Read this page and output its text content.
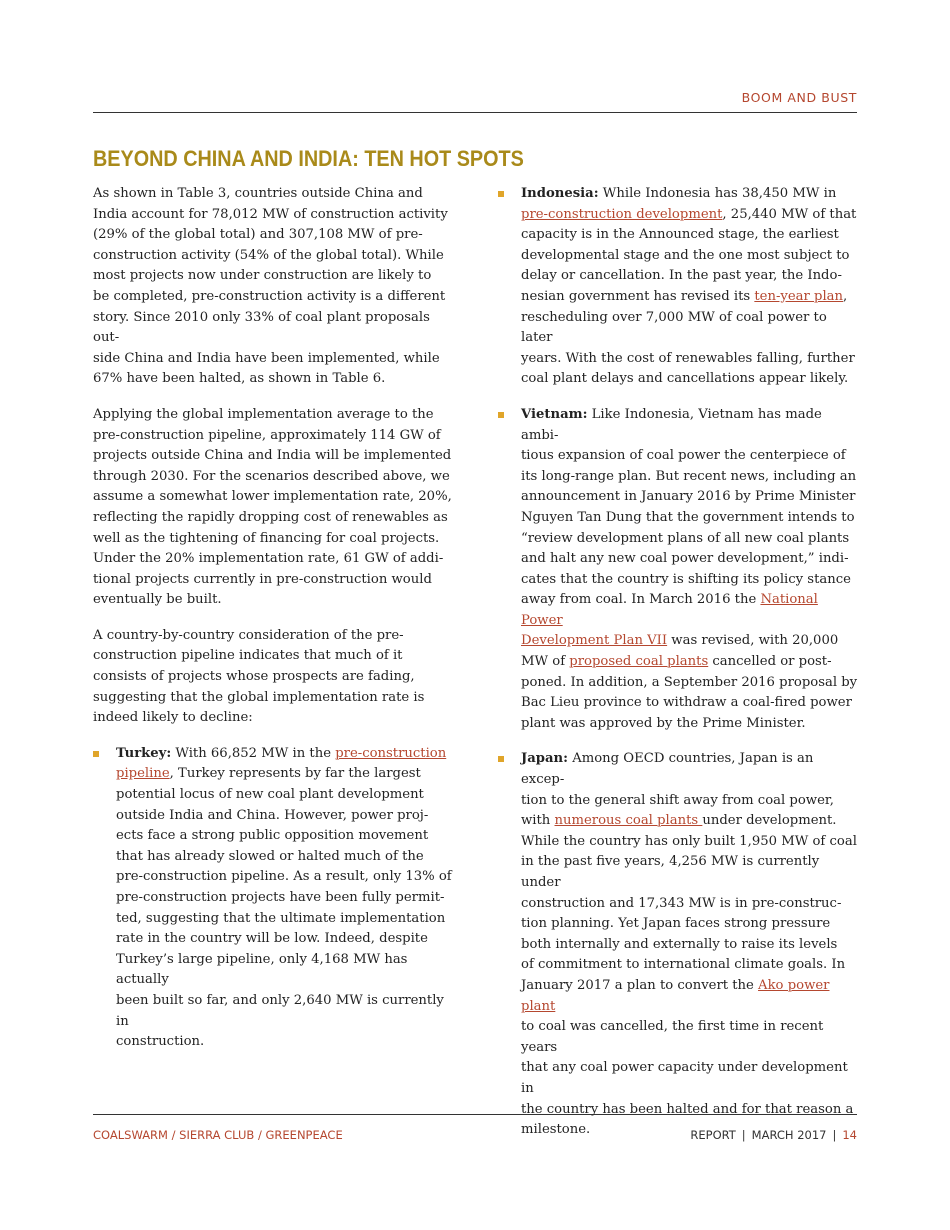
BOOM AND BUST
BEYOND CHINA AND INDIA: TEN HOT SPOTS

As shown in Table 3, countries outside China and
India account for 78,012 MW of construction activity
(29% of the global total) and 307,108 MW of pre-
construction activity (54% of the global total). While
most projects now under construction are likely to
be completed, pre-construction activity is a different
story. Since 2010 only 33% of coal plant proposals out-
side China and India have been implemented, while
67% have been halted, as shown in Table 6.

Applying the global implementation average to the
pre-construction pipeline, approximately 114 GW of
projects outside China and India will be implemented
through 2030. For the scenarios described above, we
assume a somewhat lower implementation rate, 20%,
reflecting the rapidly dropping cost of renewables as
well as the tightening of financing for coal projects.
Under the 20% implementation rate, 61 GW of addi-
tional projects currently in pre-construction would
eventually be built.

A country-by-country consideration of the pre-
construction pipeline indicates that much of it
consists of projects whose prospects are fading,
suggesting that the global implementation rate is
indeed likely to decline:

Turkey: With 66,852 MW in the pre-construction
pipeline, Turkey represents by far the largest
potential locus of new coal plant development
outside India and China. However, power proj-
ects face a strong public opposition movement
that has already slowed or halted much of the
pre-construction pipeline. As a result, only 13% of
pre-construction projects have been fully permit-
ted, suggesting that the ultimate implementation
rate in the country will be low. Indeed, despite
Turkey’s large pipeline, only 4,168 MW has actually
been built so far, and only 2,640 MW is currently in
construction.
Indonesia: While Indonesia has 38,450 MW in
pre-construction development, 25,440 MW of that
capacity is in the Announced stage, the earliest
developmental stage and the one most subject to
delay or cancellation. In the past year, the Indo-
nesian government has revised its ten-year plan,
rescheduling over 7,000 MW of coal power to later
years. With the cost of renewables falling, further
coal plant delays and cancellations appear likely.
Vietnam: Like Indonesia, Vietnam has made ambi-
tious expansion of coal power the centerpiece of
its long-range plan. But recent news, including an
announcement in January 2016 by Prime Minister
Nguyen Tan Dung that the government intends to
“review development plans of all new coal plants
and halt any new coal power development,” indi-
cates that the country is shifting its policy stance
away from coal. In March 2016 the National Power
Development Plan VII was revised, with 20,000
MW of proposed coal plants cancelled or post-
poned. In addition, a September 2016 proposal by
Bac Lieu province to withdraw a coal-fired power
plant was approved by the Prime Minister.
Japan: Among OECD countries, Japan is an excep-
tion to the general shift away from coal power,
with numerous coal plants under development.
While the country has only built 1,950 MW of coal
in the past five years, 4,256 MW is currently under
construction and 17,343 MW is in pre-construc-
tion planning. Yet Japan faces strong pressure
both internally and externally to raise its levels
of commitment to international climate goals. In
January 2017 a plan to convert the Ako power plant
to coal was cancelled, the first time in recent years
that any coal power capacity under development in
the country has been halted and for that reason a
milestone.
COALSWARM / SIERRA CLUB / GREENPEACE	REPORT | MARCH 2017 | 14
